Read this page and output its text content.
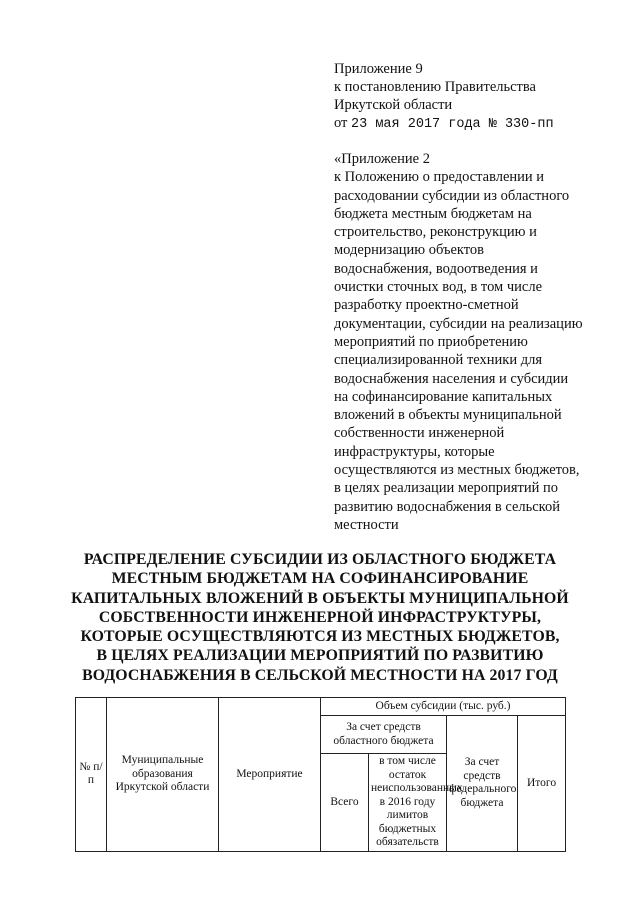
Приложение 9
к постановлению Правительства
Иркутской области
от 23 мая 2017 года № 330-пп
«Приложение 2
к Положению о предоставлении и
расходовании субсидии из областного
бюджета местным бюджетам на
строительство, реконструкцию и
модернизацию объектов
водоснабжения, водоотведения и
очистки сточных вод, в том числе
разработку проектно-сметной
документации, субсидии на реализацию
мероприятий по приобретению
специализированной техники для
водоснабжения населения и субсидии
на софинансирование капитальных
вложений в объекты муниципальной
собственности инженерной
инфраструктуры, которые
осуществляются из местных бюджетов,
в целях реализации мероприятий по
развитию водоснабжения в сельской
местности
РАСПРЕДЕЛЕНИЕ СУБСИДИИ ИЗ ОБЛАСТНОГО БЮДЖЕТА
МЕСТНЫМ БЮДЖЕТАМ НА СОФИНАНСИРОВАНИЕ
КАПИТАЛЬНЫХ ВЛОЖЕНИЙ В ОБЪЕКТЫ МУНИЦИПАЛЬНОЙ
СОБСТВЕННОСТИ ИНЖЕНЕРНОЙ ИНФРАСТРУКТУРЫ,
КОТОРЫЕ ОСУЩЕСТВЛЯЮТСЯ ИЗ МЕСТНЫХ БЮДЖЕТОВ,
В ЦЕЛЯХ РЕАЛИЗАЦИИ МЕРОПРИЯТИЙ ПО РАЗВИТИЮ
ВОДОСНАБЖЕНИЯ В СЕЛЬСКОЙ МЕСТНОСТИ НА 2017 ГОД
№ п/п	Муниципальные образования Иркутской области	Мероприятие	Объем субсидии (тыс. руб.)			
			За счет средств областного бюджета		За счет средств федерального бюджета	Итого
			Всего	в том числе остаток неиспользованных в 2016 году лимитов бюджетных обязательств		
